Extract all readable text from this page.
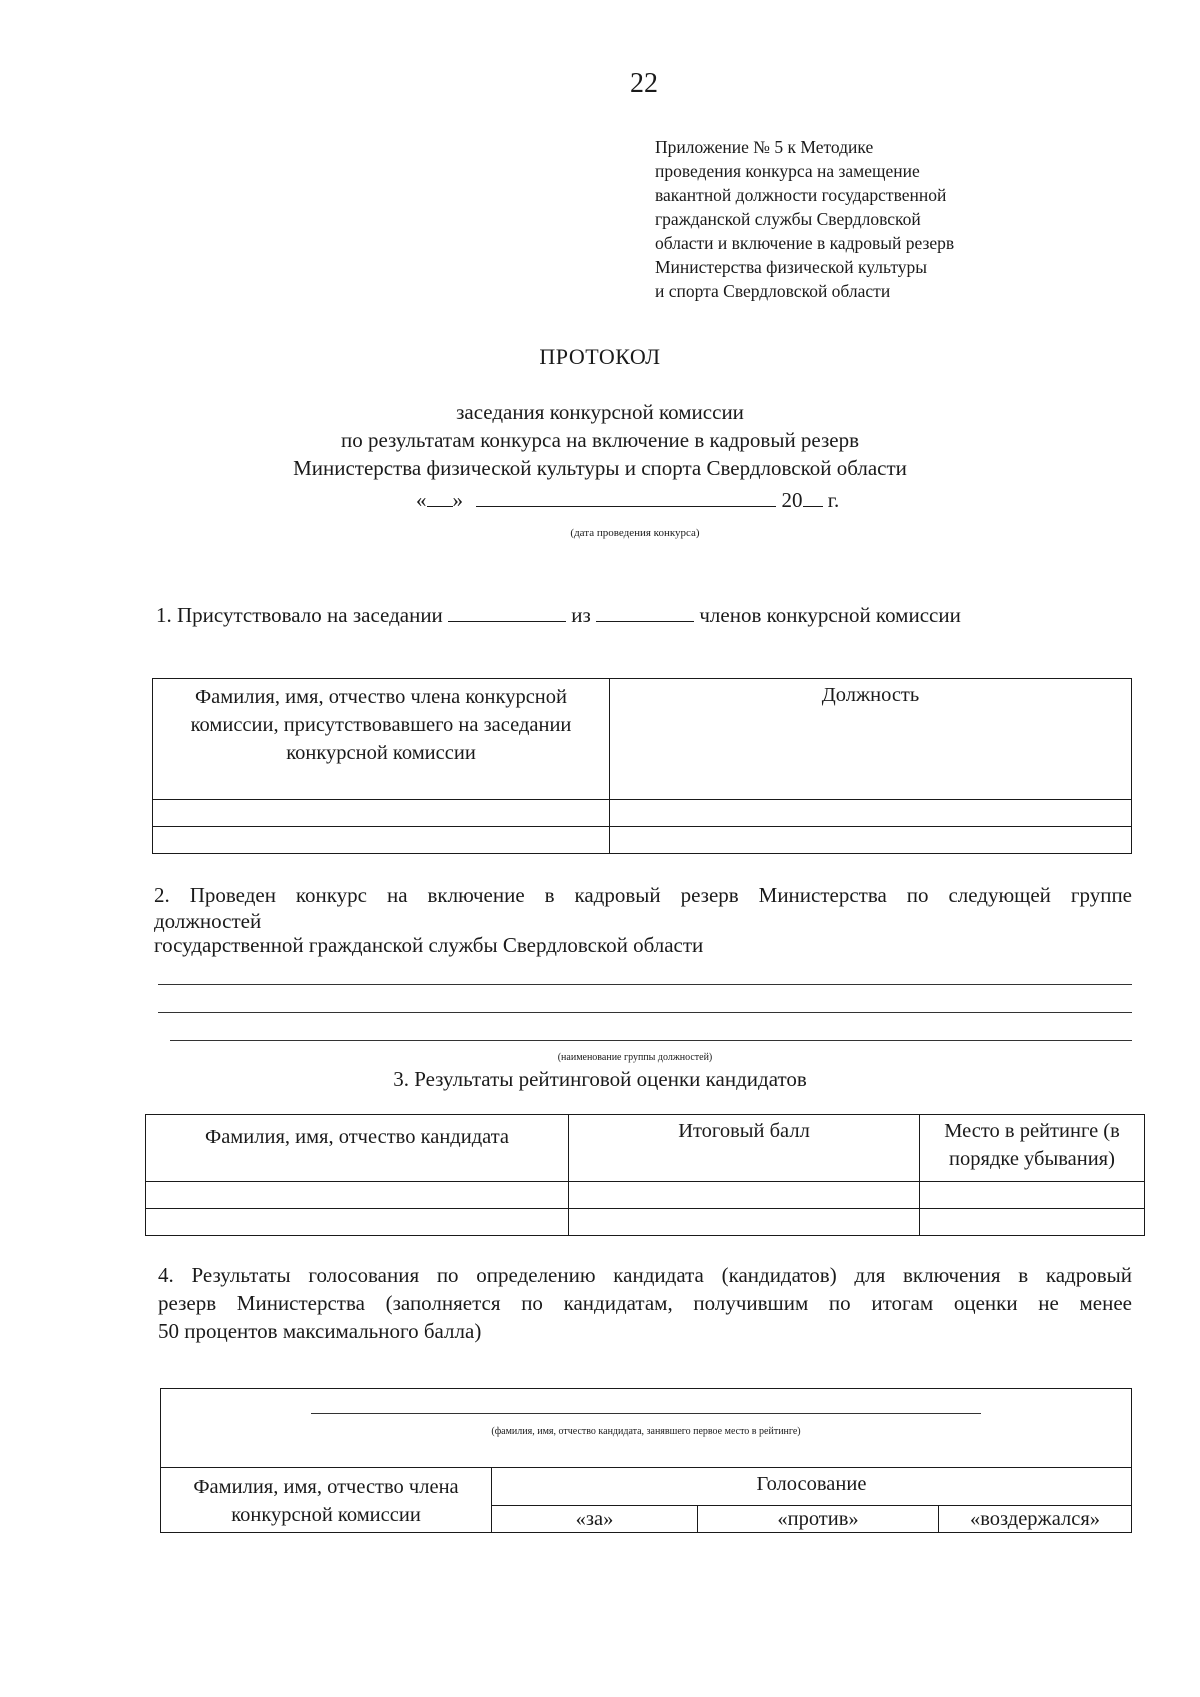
22
Приложение № 5 к Методике
проведения конкурса на замещение
вакантной должности государственной
гражданской службы Свердловской
области и включение в кадровый резерв
Министерства физической культуры
и спорта Свердловской области
ПРОТОКОЛ
заседания конкурсной комиссии
по результатам конкурса на включение в кадровый резерв
Министерства физической культуры и спорта Свердловской области
« »	20 г.
(дата проведения конкурса)
1. Присутствовало на заседании	из	членов конкурсной комиссии
Фамилия, имя, отчество члена конкурсной комиссии, присутствовавшего на заседании конкурсной комиссии	Должность

2. Проведен конкурс на включение в кадровый резерв Министерства по следующей группе
должностей
государственной гражданской службы Свердловской области
(наименование группы должностей)
3. Результаты рейтинговой оценки кандидатов
Фамилия, имя, отчество кандидата	Итоговый балл	Место в рейтинге (в порядке убывания)

4. Результаты голосования по определению кандидата (кандидатов) для включения в кадровый
резерв Министерства (заполняется по кандидатам, получившим по итогам оценки не менее
50 процентов максимального балла)
(фамилия, имя, отчество кандидата, занявшего первое место в рейтинге)			

Фамилия, имя, отчество члена конкурсной комиссии	Голосование		
	«за»	«против»	«воздержался»
